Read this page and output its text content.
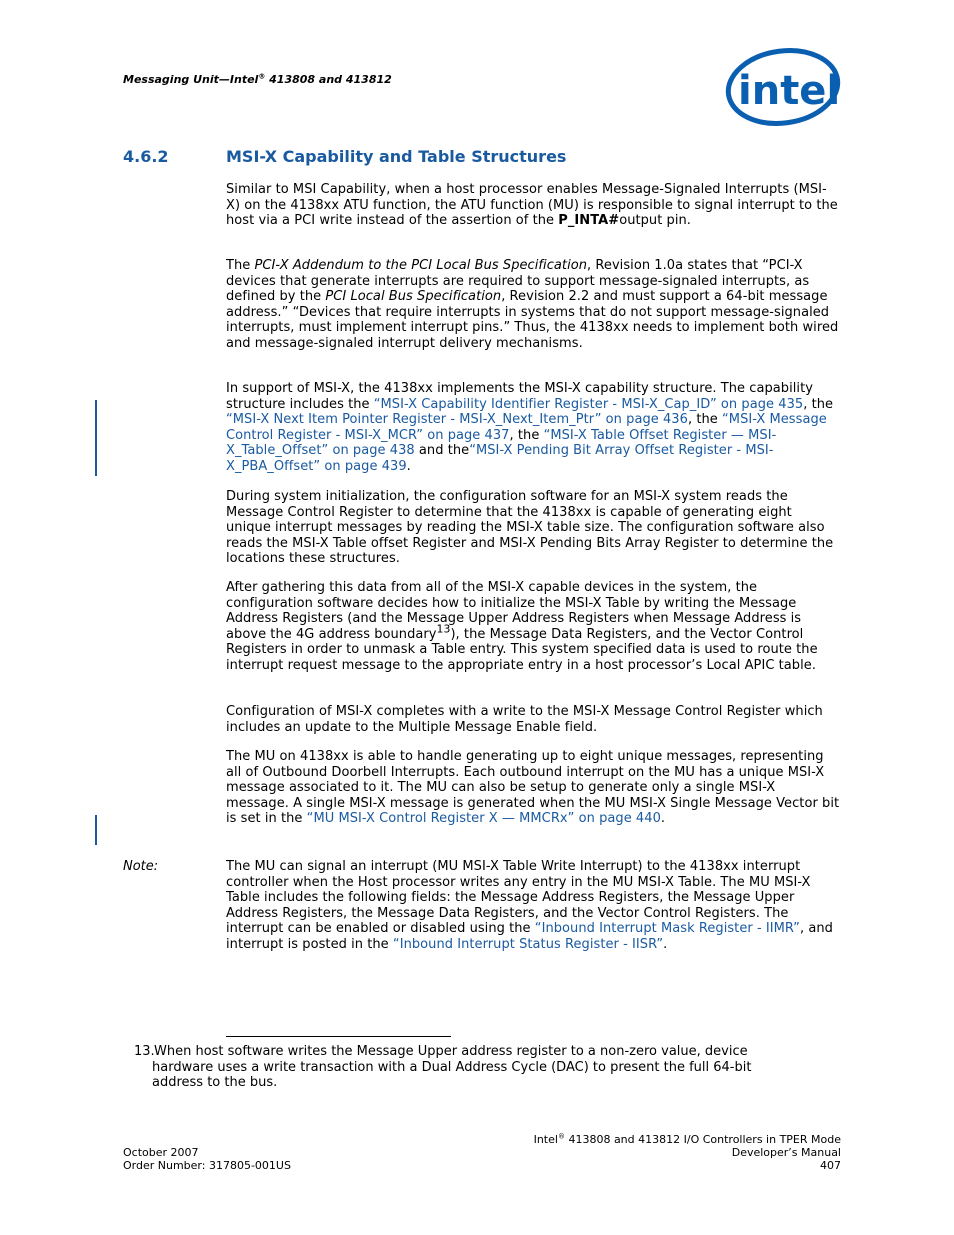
Messaging Unit—Intel® 413808 and 413812	intel
4.6.2	MSI-X Capability and Table Structures

Similar to MSI Capability, when a host processor enables Message-Signaled Interrupts (MSI-X) on the 4138xx ATU function, the ATU function (MU) is responsible to signal interrupt to the host via a PCI write instead of the assertion of the P_INTA#output pin.

The PCI-X Addendum to the PCI Local Bus Specification, Revision 1.0a states that “PCI-X devices that generate interrupts are required to support message-signaled interrupts, as defined by the PCI Local Bus Specification, Revision 2.2 and must support a 64-bit message address.” “Devices that require interrupts in systems that do not support message-signaled interrupts, must implement interrupt pins.” Thus, the 4138xx needs to implement both wired and message-signaled interrupt delivery mechanisms.

In support of MSI-X, the 4138xx implements the MSI-X capability structure. The capability structure includes the “MSI-X Capability Identifier Register - MSI-X_Cap_ID” on page 435, the “MSI-X Next Item Pointer Register - MSI-X_Next_Item_Ptr” on page 436, the “MSI-X Message Control Register - MSI-X_MCR” on page 437, the “MSI-X Table Offset Register — MSI-X_Table_Offset” on page 438 and the“MSI-X Pending Bit Array Offset Register - MSI-X_PBA_Offset” on page 439.

During system initialization, the configuration software for an MSI-X system reads the Message Control Register to determine that the 4138xx is capable of generating eight unique interrupt messages by reading the MSI-X table size. The configuration software also reads the MSI-X Table offset Register and MSI-X Pending Bits Array Register to determine the locations these structures.

After gathering this data from all of the MSI-X capable devices in the system, the configuration software decides how to initialize the MSI-X Table by writing the Message Address Registers (and the Message Upper Address Registers when Message Address is above the 4G address boundary$^{13}$), the Message Data Registers, and the Vector Control Registers in order to unmask a Table entry. This system specified data is used to route the interrupt request message to the appropriate entry in a host processor’s Local APIC table.

Configuration of MSI-X completes with a write to the MSI-X Message Control Register which includes an update to the Multiple Message Enable field.

The MU on 4138xx is able to handle generating up to eight unique messages, representing all of Outbound Doorbell Interrupts. Each outbound interrupt on the MU has a unique MSI-X message associated to it. The MU can also be setup to generate only a single MSI-X message. A single MSI-X message is generated when the MU MSI-X Single Message Vector bit is set in the “MU MSI-X Control Register X — MMCRx” on page 440.

Note:	The MU can signal an interrupt (MU MSI-X Table Write Interrupt) to the 4138xx interrupt controller when the Host processor writes any entry in the MU MSI-X Table. The MU MSI-X Table includes the following fields: the Message Address Registers, the Message Upper Address Registers, the Message Data Registers, and the Vector Control Registers. The interrupt can be enabled or disabled using the “Inbound Interrupt Mask Register - IIMR”, and interrupt is posted in the “Inbound Interrupt Status Register - IISR”.

13.When host software writes the Message Upper address register to a non-zero value, device
hardware uses a write transaction with a Dual Address Cycle (DAC) to present the full 64-bit
address to the bus.
October 2007
Order Number: 317805-001US
Intel® 413808 and 413812 I/O Controllers in TPER Mode
Developer’s Manual
407
